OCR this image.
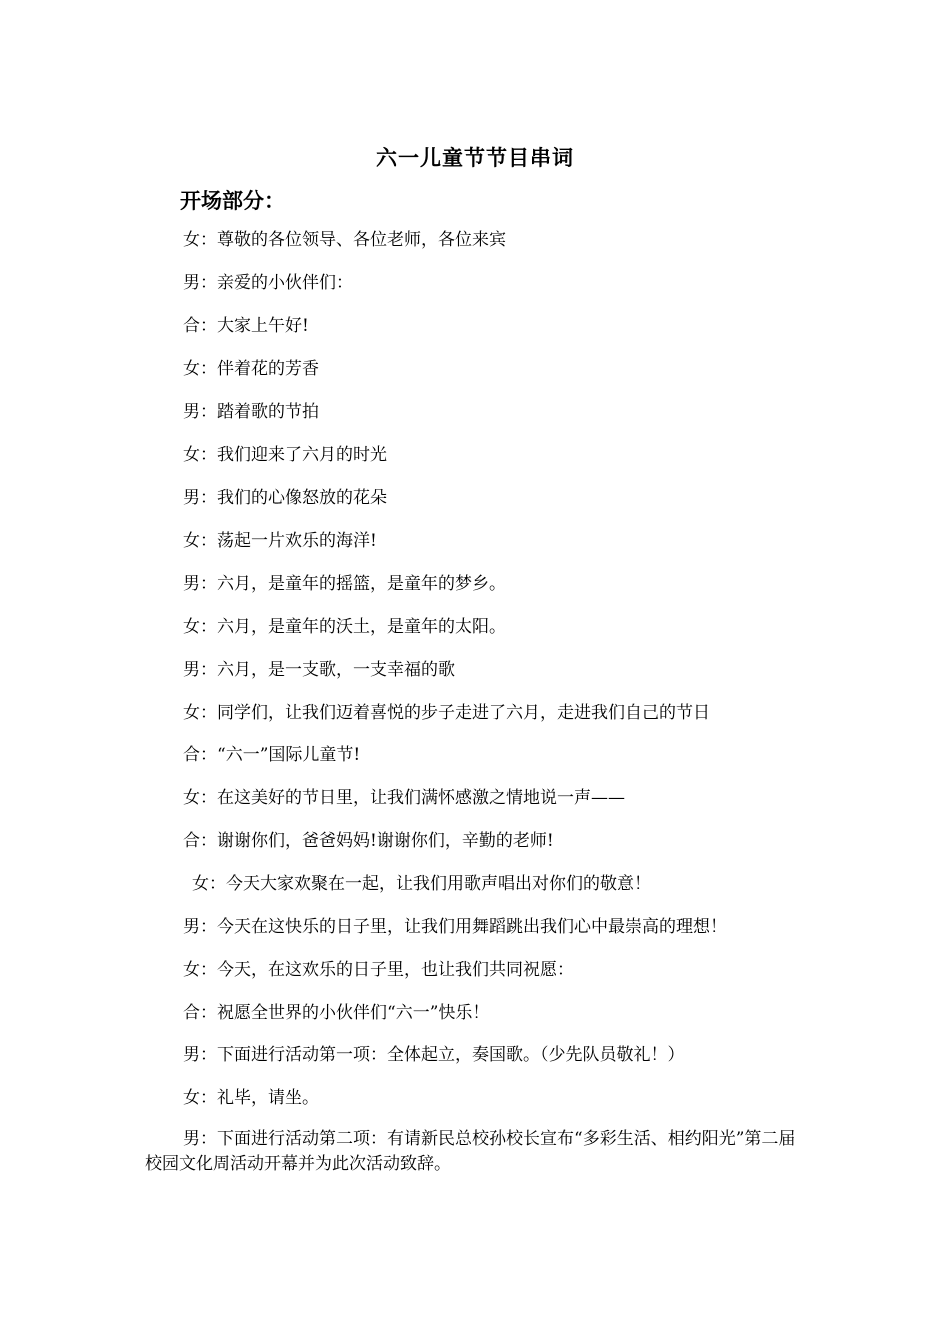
六一儿童节节目串词
开场部分：
女：尊敬的各位领导、各位老师，各位来宾
男：亲爱的小伙伴们：
合：大家上午好!
女：伴着花的芳香
男：踏着歌的节拍
女：我们迎来了六月的时光
男：我们的心像怒放的花朵
女：荡起一片欢乐的海洋!
男：六月，是童年的摇篮，是童年的梦乡。
女：六月，是童年的沃土，是童年的太阳。
男：六月，是一支歌，一支幸福的歌
女：同学们，让我们迈着喜悦的步子走进了六月，走进我们自己的节日
合：“六一”国际儿童节!
女：在这美好的节日里，让我们满怀感激之情地说一声——
合：谢谢你们，爸爸妈妈!谢谢你们，辛勤的老师!
女：今天大家欢聚在一起，让我们用歌声唱出对你们的敬意！
男：今天在这快乐的日子里，让我们用舞蹈跳出我们心中最崇高的理想！
女：今天，在这欢乐的日子里，也让我们共同祝愿：
合：祝愿全世界的小伙伴们“六一”快乐！
男：下面进行活动第一项：全体起立，奏国歌。（少先队员敬礼！）
女：礼毕，请坐。
男：下面进行活动第二项：有请新民总校孙校长宣布“多彩生活、相约阳光”第二届校园文化周活动开幕并为此次活动致辞。
